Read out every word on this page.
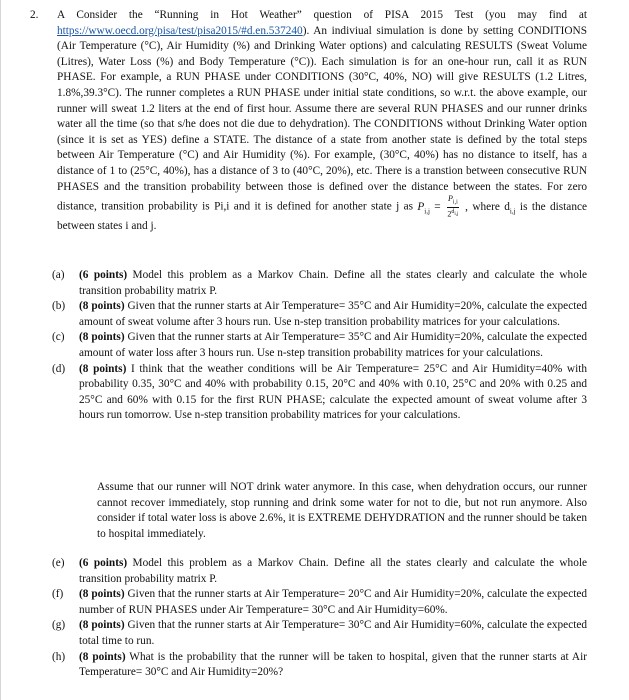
2. A Consider the “Running in Hot Weather” question of PISA 2015 Test (you may find at https://www.oecd.org/pisa/test/pisa2015/#d.en.537240). An indiviual simulation is done by setting CONDITIONS (Air Temperature (°C), Air Humidity (%) and Drinking Water options) and calculating RESULTS (Sweat Volume (Litres), Water Loss (%) and Body Temperature (°C)). Each simulation is for an one-hour run, call it as RUN PHASE. For example, a RUN PHASE under CONDITIONS (30°C, 40%, NO) will give RESULTS (1.2 Litres, 1.8%,39.3°C). The runner completes a RUN PHASE under initial state conditions, so w.r.t. the above example, our runner will sweat 1.2 liters at the end of first hour. Assume there are several RUN PHASES and our runner drinks water all the time (so that s/he does not die due to dehydration). The CONDITIONS without Drinking Water option (since it is set as YES) define a STATE. The distance of a state from another state is defined by the total steps between Air Temperature (°C) and Air Humidity (%). For example, (30°C, 40%) has no distance to itself, has a distance of 1 to (25°C, 40%), has a distance of 3 to (40°C, 20%), etc. There is a transtion between consecutive RUN PHASES and the transition probability between those is defined over the distance between the states. For zero distance, transition probability is Pi,i and it is defined for another state j as $P_{i,j} = \frac{P_{i,i}}{2^{d_{i,j}}}$ , where $d_{i,j}$ is the distance between states i and j.

(a) (6 points) Model this problem as a Markov Chain. Define all the states clearly and calculate the whole transition probability matrix P.

(b) (8 points) Given that the runner starts at Air Temperature= 35°C and Air Humidity=20%, calculate the expected amount of sweat volume after 3 hours run. Use n-step transition probability matrices for your calculations.

(c) (8 points) Given that the runner starts at Air Temperature= 35°C and Air Humidity=20%, calculate the expected amount of water loss after 3 hours run. Use n-step transition probability matrices for your calculations.

(d) (8 points) I think that the weather conditions will be Air Temperature= 25°C and Air Humidity=40% with probability 0.35, 30°C and 40% with probability 0.15, 20°C and 40% with 0.10, 25°C and 20% with 0.25 and 25°C and 60% with 0.15 for the first RUN PHASE; calculate the expected amount of sweat volume after 3 hours run tomorrow. Use n-step transition probability matrices for your calculations.

Assume that our runner will NOT drink water anymore. In this case, when dehydration occurs, our runner cannot recover immediately, stop running and drink some water for not to die, but not run anymore. Also consider if total water loss is above 2.6%, it is EXTREME DEHYDRATION and the runner should be taken to hospital immediately.

(e) (6 points) Model this problem as a Markov Chain. Define all the states clearly and calculate the whole transition probability matrix P.

(f) (8 points) Given that the runner starts at Air Temperature= 20°C and Air Humidity=20%, calculate the expected number of RUN PHASES under Air Temperature= 30°C and Air Humidity=60%.

(g) (8 points) Given that the runner starts at Air Temperature= 30°C and Air Humidity=60%, calculate the expected total time to run.

(h) (8 points) What is the probability that the runner will be taken to hospital, given that the runner starts at Air Temperature= 30°C and Air Humidity=20%?
